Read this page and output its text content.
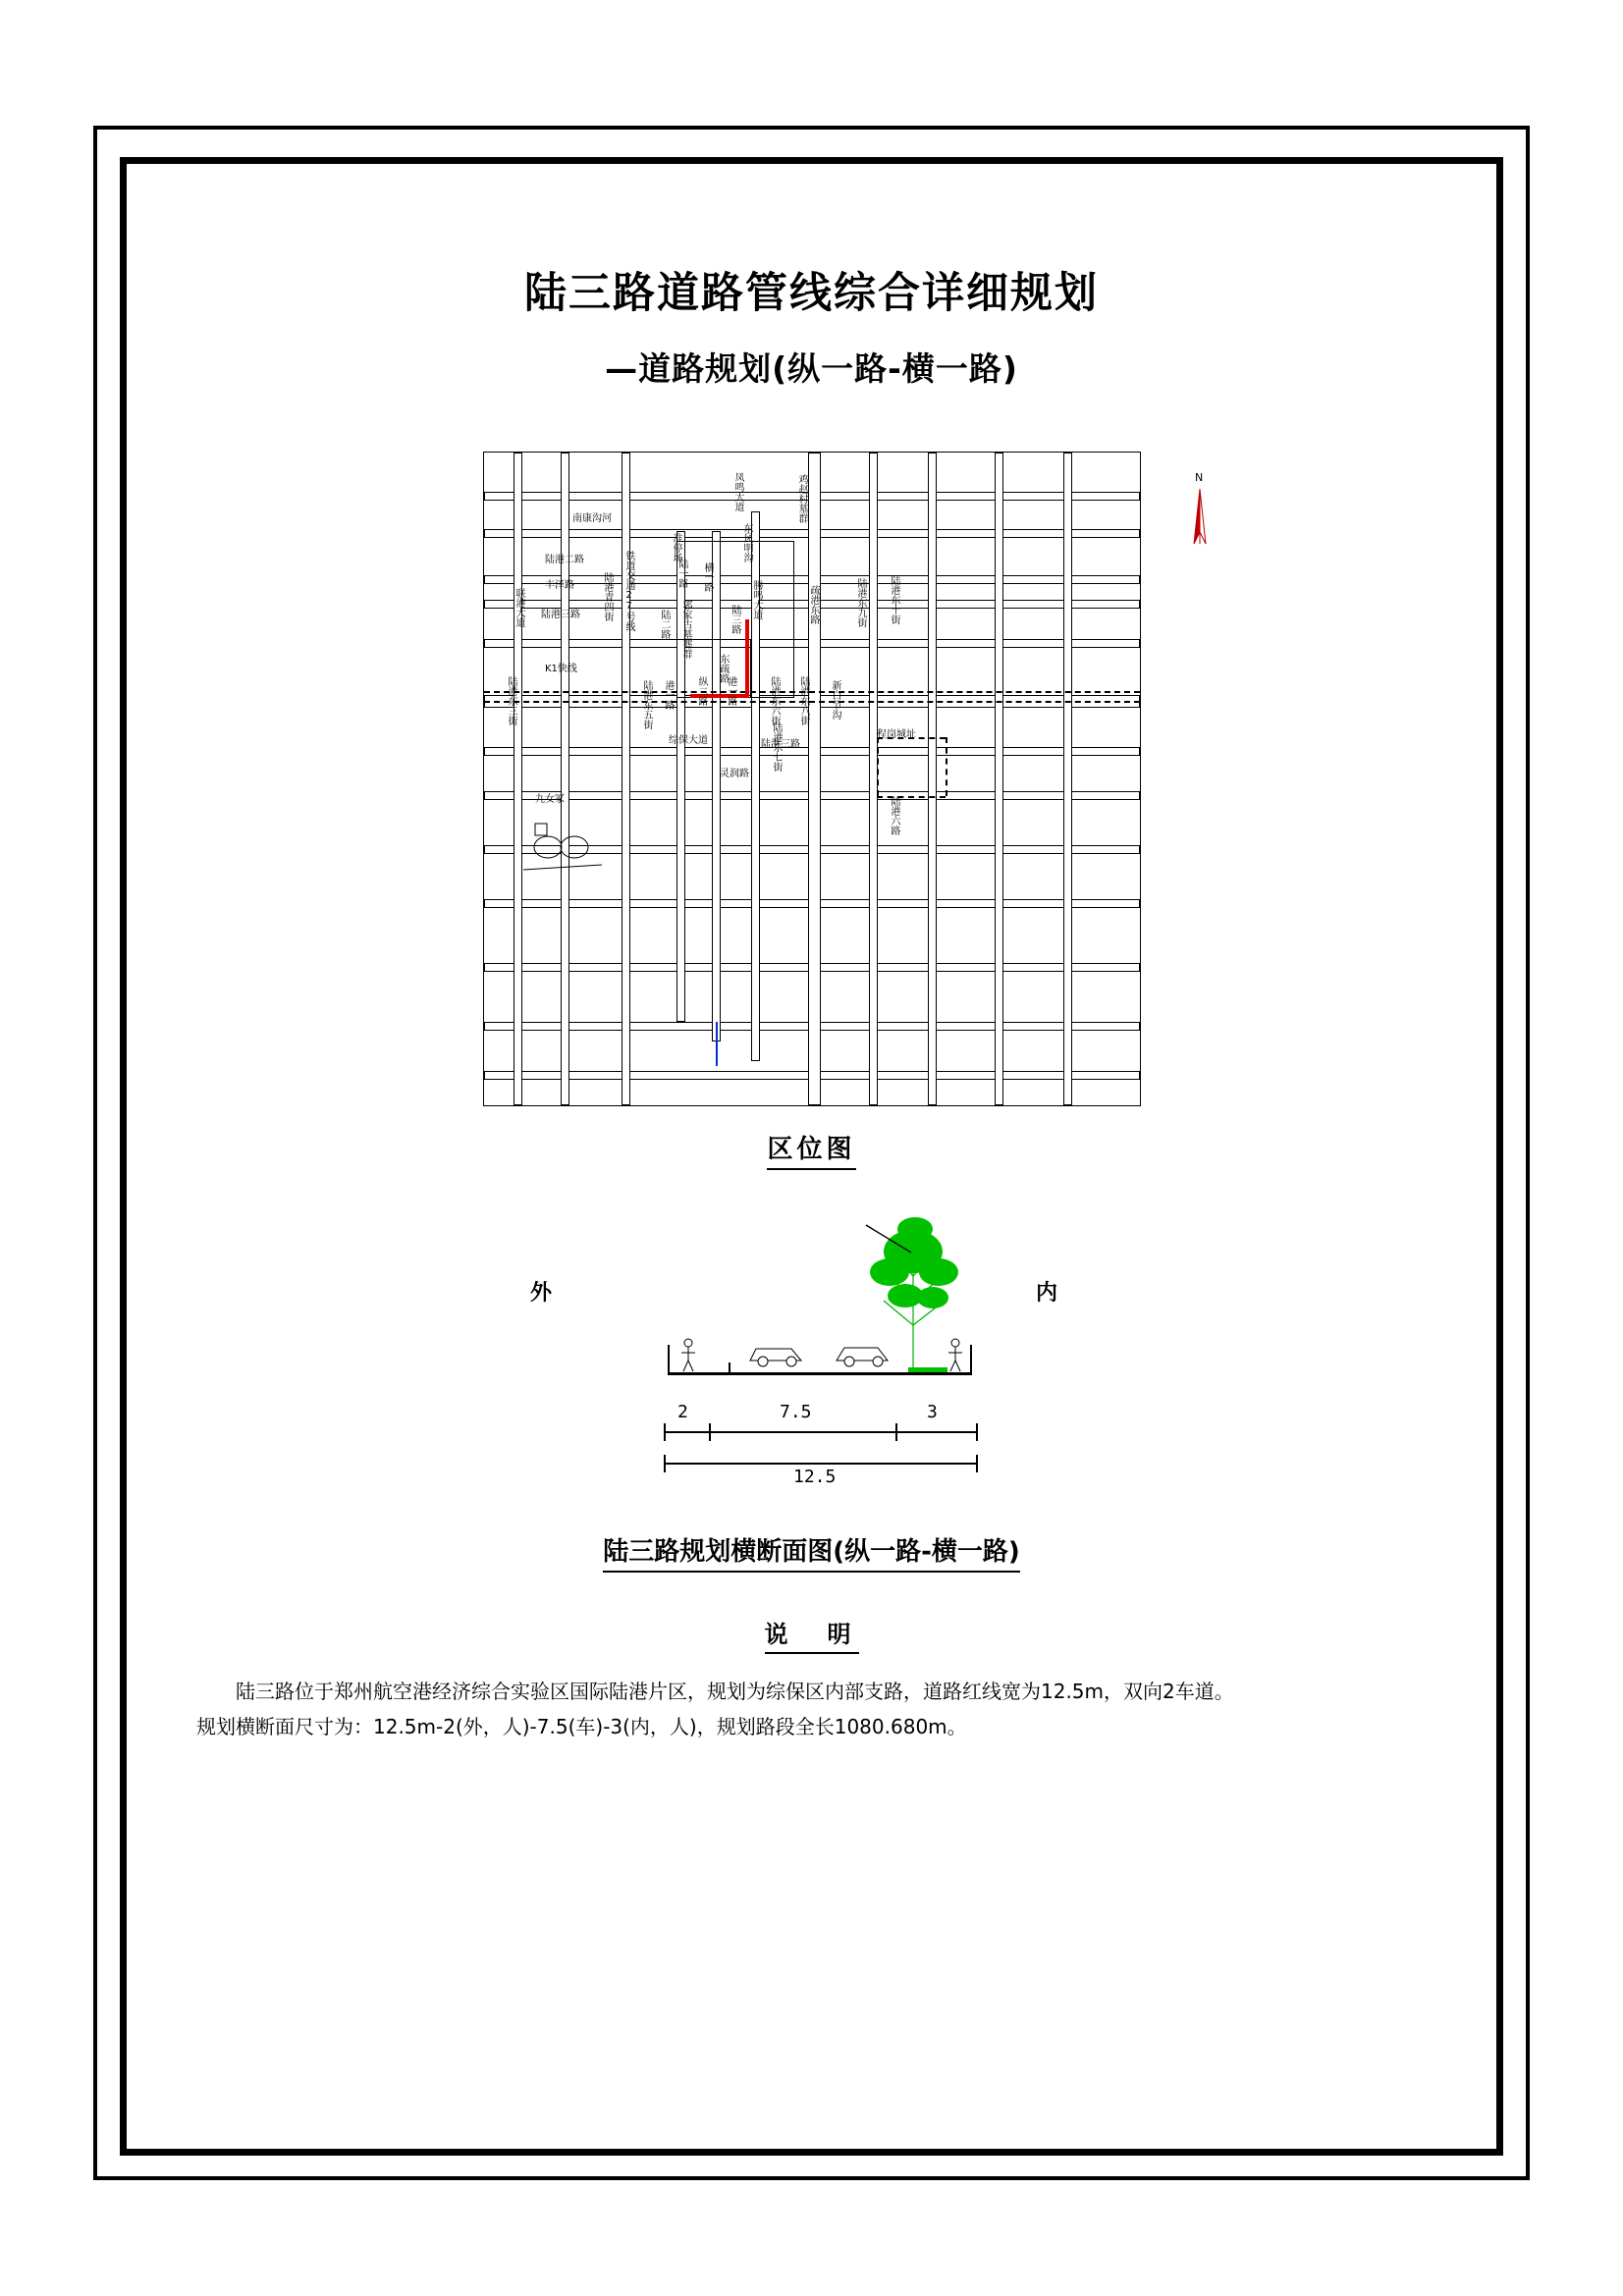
陆三路道路管线综合详细规划
—道路规划(纵一路-横一路)
南康沟河
凤鸣大道
东风明沟
鸡赵村墓群
陆港二路	铁道交通27号线
准停场
陆一路 横一路
丰泽路
陆港三路 陆港青四街
陆二路 郭家古墓葬群	陆三路 腾鸣大道
联港大道	疏港东路	陆港东九街 陆港东十街
K1快线	东疏路
陆港东三街	陆港东五街 港一路 纵二路 港一路	陆港东六街 陆港东八街 新白节沟
陆港东七街
综保大道	陆港三路
灵润路
程岗城址
陆港六路
九女冢
N
区位图
外	内
2	7.5	3
12.5
陆三路规划横断面图(纵一路-横一路)
说　明

陆三路位于郑州航空港经济综合实验区国际陆港片区，规划为综保区内部支路，道路红线宽为12.5m，双向2车道。

规划横断面尺寸为：12.5m-2(外，人)-7.5(车)-3(内，人)，规划路段全长1080.680m。
